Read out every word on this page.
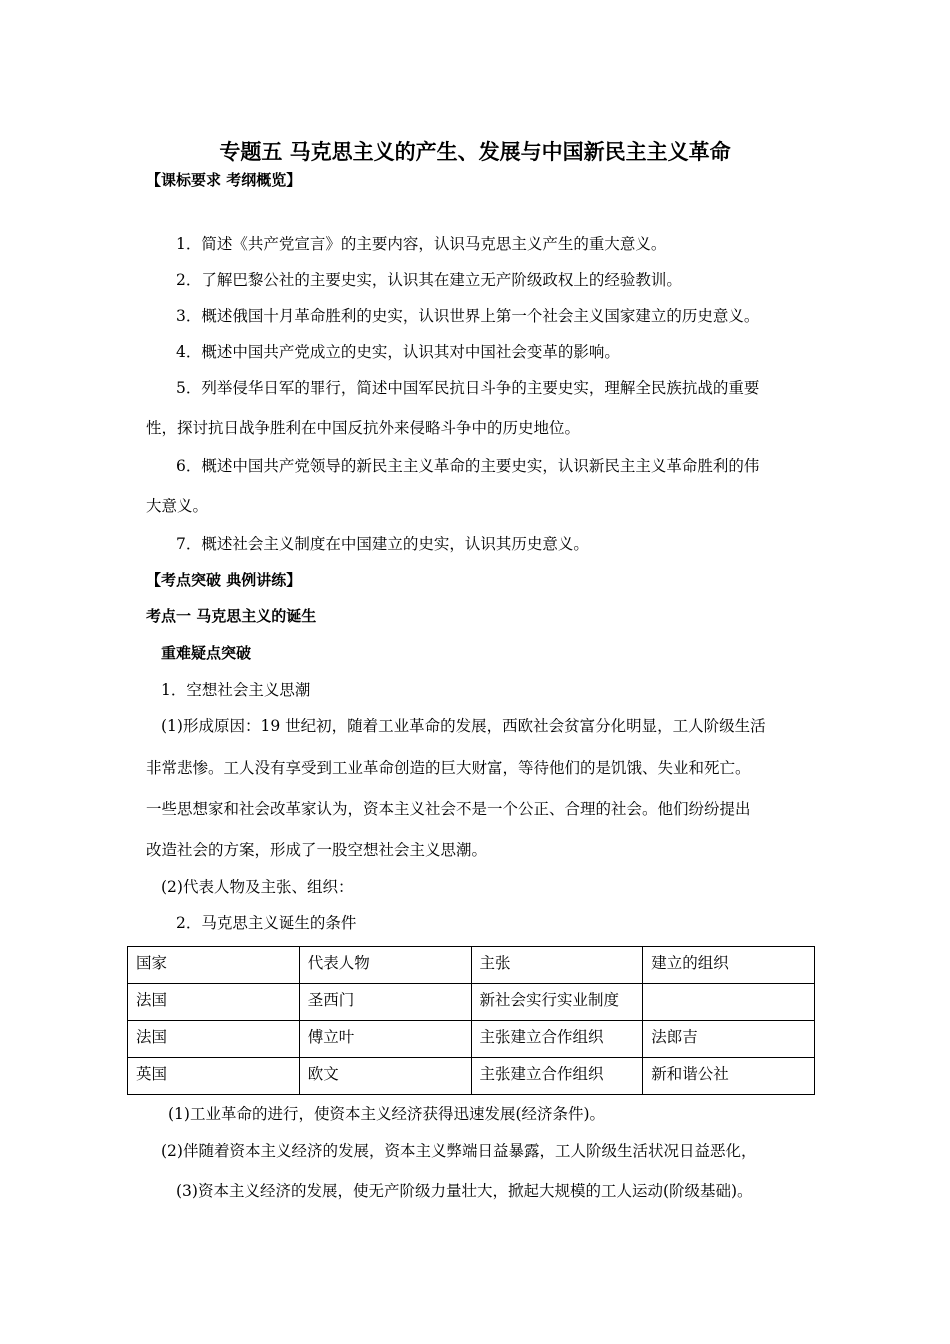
专题五 马克思主义的产生、发展与中国新民主主义革命
【课标要求 考纲概览】
1．简述《共产党宣言》的主要内容，认识马克思主义产生的重大意义。
2．了解巴黎公社的主要史实，认识其在建立无产阶级政权上的经验教训。
3．概述俄国十月革命胜利的史实，认识世界上第一个社会主义国家建立的历史意义。
4．概述中国共产党成立的史实，认识其对中国社会变革的影响。
5．列举侵华日军的罪行，简述中国军民抗日斗争的主要史实，理解全民族抗战的重要
性，探讨抗日战争胜利在中国反抗外来侵略斗争中的历史地位。
6．概述中国共产党领导的新民主主义革命的主要史实，认识新民主主义革命胜利的伟
大意义。
7．概述社会主义制度在中国建立的史实，认识其历史意义。
【考点突破 典例讲练】
考点一 马克思主义的诞生
重难疑点突破
1．空想社会主义思潮
(1)形成原因：19 世纪初，随着工业革命的发展，西欧社会贫富分化明显，工人阶级生活
非常悲惨。工人没有享受到工业革命创造的巨大财富，等待他们的是饥饿、失业和死亡。
一些思想家和社会改革家认为，资本主义社会不是一个公正、合理的社会。他们纷纷提出
改造社会的方案，形成了一股空想社会主义思潮。
(2)代表人物及主张、组织：
2．马克思主义诞生的条件
国家	代表人物	主张	建立的组织
法国	圣西门	新社会实行实业制度	
法国	傅立叶	主张建立合作组织	法郎吉
英国	欧文	主张建立合作组织	新和谐公社
(1)工业革命的进行，使资本主义经济获得迅速发展(经济条件)。
(2)伴随着资本主义经济的发展，资本主义弊端日益暴露，工人阶级生活状况日益恶化，
(3)资本主义经济的发展，使无产阶级力量壮大，掀起大规模的工人运动(阶级基础)。
